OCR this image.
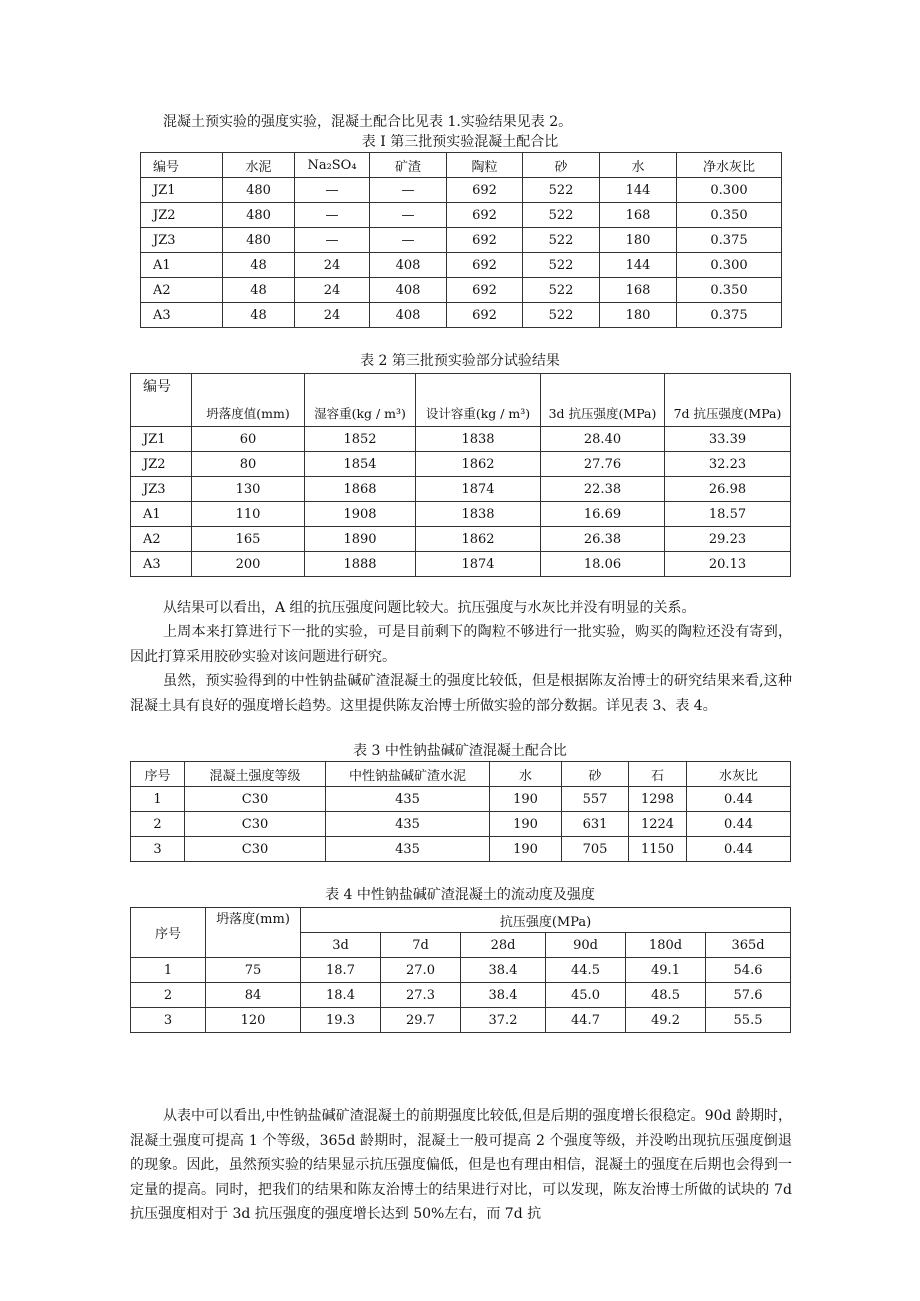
混凝土预实验的强度实验，混凝土配合比见表 1.实验结果见表 2。

表 I 第三批预实验混凝土配合比
编号	水泥	Na₂SO₄	矿渣	陶粒	砂	水	净水灰比
JZ1	480	—	—	692	522	144	0.300
JZ2	480	—	—	692	522	168	0.350
JZ3	480	—	—	692	522	180	0.375
A1	48	24	408	692	522	144	0.300
A2	48	24	408	692	522	168	0.350
A3	48	24	408	692	522	180	0.375
表 2 第三批预实验部分试验结果
编号	坍落度值(mm)	湿容重(kg / m³)	设计容重(kg / m³)	3d 抗压强度(MPa)	7d 抗压强度(MPa)
JZ1	60	1852	1838	28.40	33.39
JZ2	80	1854	1862	27.76	32.23
JZ3	130	1868	1874	22.38	26.98
A1	110	1908	1838	16.69	18.57
A2	165	1890	1862	26.38	29.23
A3	200	1888	1874	18.06	20.13

从结果可以看出，A 组的抗压强度问题比较大。抗压强度与水灰比并没有明显的关系。

上周本来打算进行下一批的实验，可是目前剩下的陶粒不够进行一批实验，购买的陶粒还没有寄到，因此打算采用胶砂实验对该问题进行研究。

虽然，预实验得到的中性钠盐碱矿渣混凝土的强度比较低，但是根据陈友治博士的研究结果来看,这种混凝土具有良好的强度增长趋势。这里提供陈友治博士所做实验的部分数据。详见表 3、表 4。

表 3 中性钠盐碱矿渣混凝土配合比
序号	混凝土强度等级	中性钠盐碱矿渣水泥	水	砂	石	水灰比
1	C30	435	190	557	1298	0.44
2	C30	435	190	631	1224	0.44
3	C30	435	190	705	1150	0.44
表 4 中性钠盐碱矿渣混凝土的流动度及强度
序号	坍落度(mm)	抗压强度(MPa)					
		3d	7d	28d	90d	180d	365d
1	75	18.7	27.0	38.4	44.5	49.1	54.6
2	84	18.4	27.3	38.4	45.0	48.5	57.6
3	120	19.3	29.7	37.2	44.7	49.2	55.5

从表中可以看出,中性钠盐碱矿渣混凝土的前期强度比较低,但是后期的强度增长很稳定。90d 龄期时，混凝土强度可提高 1 个等级，365d 龄期时，混凝土一般可提高 2 个强度等级，并没哟出现抗压强度倒退的现象。因此，虽然预实验的结果显示抗压强度偏低，但是也有理由相信，混凝土的强度在后期也会得到一定量的提高。同时，把我们的结果和陈友治博士的结果进行对比，可以发现，陈友治博士所做的试块的 7d 抗压强度相对于 3d 抗压强度的强度增长达到 50%左右，而 7d 抗
